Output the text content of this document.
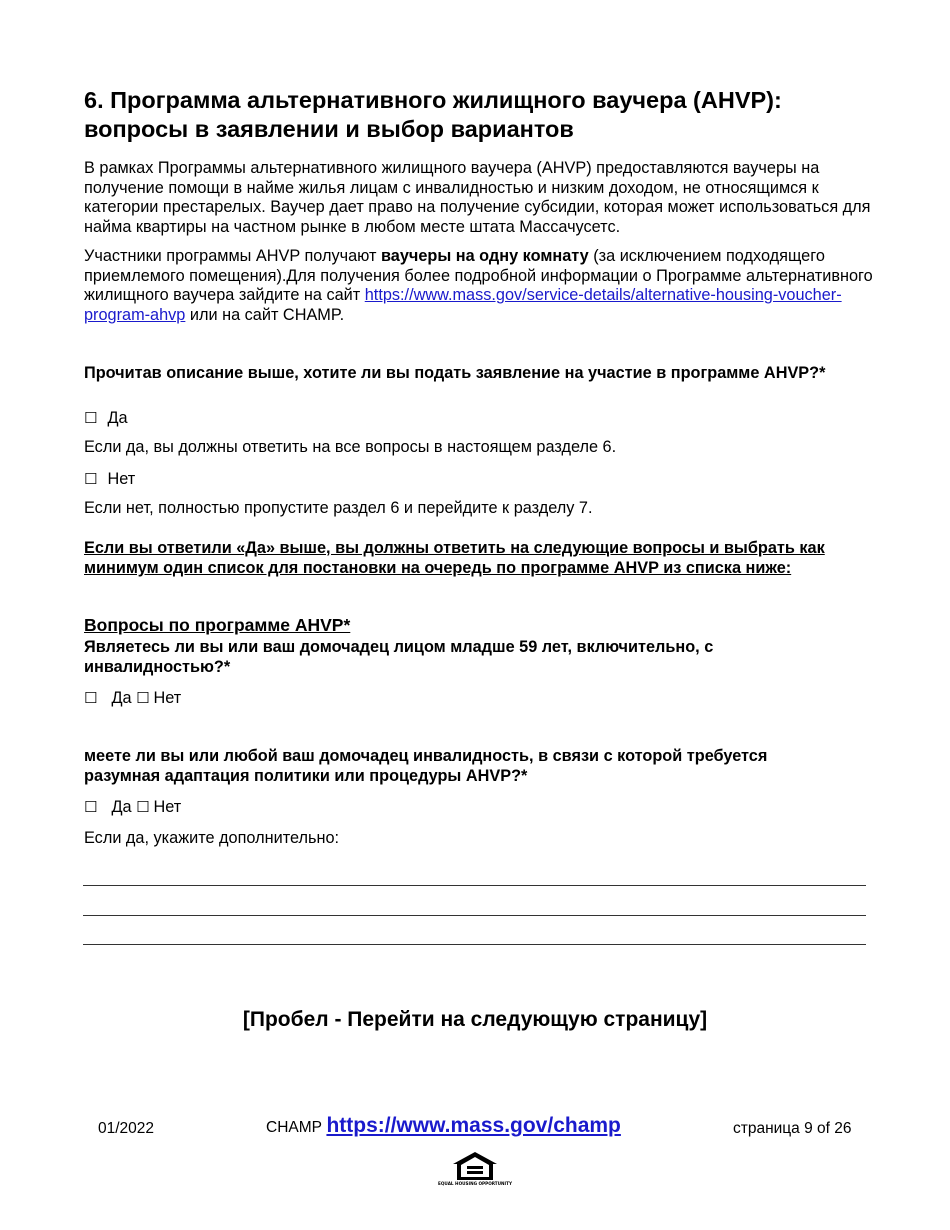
6. Программа альтернативного жилищного ваучера (AHVP): вопросы в заявлении и выбор вариантов

В рамках Программы альтернативного жилищного ваучера (AHVP) предоставляются ваучеры на получение помощи в найме жилья лицам с инвалидностью и низким доходом, не относящимся к категории престарелых. Ваучер дает право на получение субсидии, которая может использоваться для найма квартиры на частном рынке в любом месте штата Массачусетс.

Участники программы AHVP получают ваучеры на одну комнату (за исключением подходящего приемлемого помещения).Для получения более подробной информации о Программе альтернативного жилищного ваучера зайдите на сайт https://www.mass.gov/service-details/alternative-housing-voucher-program-ahvp или на сайт CHAMP.

Прочитав описание выше, хотите ли вы подать заявление на участие в программе AHVP?*

☐ Да

Если да, вы должны ответить на все вопросы в настоящем разделе 6.

☐ Нет

Если нет, полностью пропустите раздел 6 и перейдите к разделу 7.

Если вы ответили «Да» выше, вы должны ответить на следующие вопросы и выбрать как минимум один список для постановки на очередь по программе AHVP из списка ниже:

Вопросы по программе AHVP*

Являетесь ли вы или ваш домочадец лицом младше 59 лет, включительно, с инвалидностью?*

☐ Да ☐ Нет

меете ли вы или любой ваш домочадец инвалидность, в связи с которой требуется разумная адаптация политики или процедуры AHVP?*

☐ Да ☐ Нет

Если да, укажите дополнительно:

[Пробел - Перейти на следующую страницу]
01/2022	CHAMP https://www.mass.gov/champ	страница 9 of 26
EQUAL HOUSING OPPORTUNITY
